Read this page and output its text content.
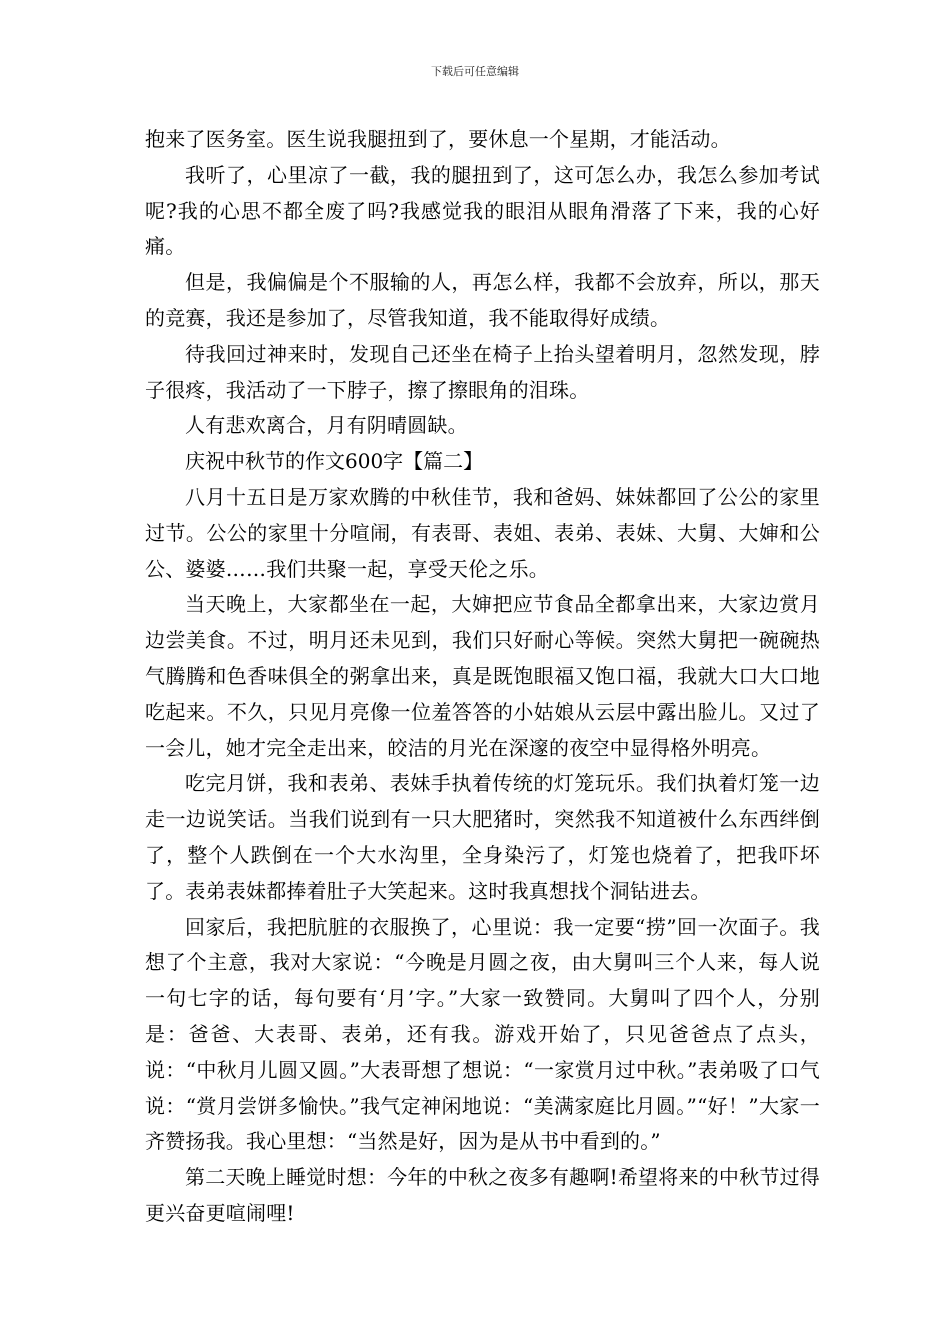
下载后可任意编辑

抱来了医务室。医生说我腿扭到了，要休息一个星期，才能活动。

我听了，心里凉了一截，我的腿扭到了，这可怎么办，我怎么参加考试呢?我的心思不都全废了吗?我感觉我的眼泪从眼角滑落了下来，我的心好痛。

但是，我偏偏是个不服输的人，再怎么样，我都不会放弃，所以，那天的竞赛，我还是参加了，尽管我知道，我不能取得好成绩。

待我回过神来时，发现自己还坐在椅子上抬头望着明月，忽然发现，脖子很疼，我活动了一下脖子，擦了擦眼角的泪珠。

人有悲欢离合，月有阴晴圆缺。

庆祝中秋节的作文600字【篇二】

八月十五日是万家欢腾的中秋佳节，我和爸妈、妹妹都回了公公的家里过节。公公的家里十分喧闹，有表哥、表姐、表弟、表妹、大舅、大婶和公公、婆婆……我们共聚一起，享受天伦之乐。

当天晚上，大家都坐在一起，大婶把应节食品全都拿出来，大家边赏月边尝美食。不过，明月还未见到，我们只好耐心等候。突然大舅把一碗碗热气腾腾和色香味俱全的粥拿出来，真是既饱眼福又饱口福，我就大口大口地吃起来。不久，只见月亮像一位羞答答的小姑娘从云层中露出脸儿。又过了一会儿，她才完全走出来，皎洁的月光在深邃的夜空中显得格外明亮。

吃完月饼，我和表弟、表妹手执着传统的灯笼玩乐。我们执着灯笼一边走一边说笑话。当我们说到有一只大肥猪时，突然我不知道被什么东西绊倒了，整个人跌倒在一个大水沟里，全身染污了，灯笼也烧着了，把我吓坏了。表弟表妹都捧着肚子大笑起来。这时我真想找个洞钻进去。

回家后，我把肮脏的衣服换了，心里说：我一定要“捞”回一次面子。我想了个主意，我对大家说：“今晚是月圆之夜，由大舅叫三个人来，每人说一句七字的话，每句要有‘月’字。”大家一致赞同。大舅叫了四个人，分别是：爸爸、大表哥、表弟，还有我。游戏开始了，只见爸爸点了点头，说：“中秋月儿圆又圆。”大表哥想了想说：“一家赏月过中秋。”表弟吸了口气说：“赏月尝饼多愉快。”我气定神闲地说：“美满家庭比月圆。”“好！”大家一齐赞扬我。我心里想：“当然是好，因为是从书中看到的。”

第二天晚上睡觉时想：今年的中秋之夜多有趣啊!希望将来的中秋节过得更兴奋更喧闹哩!
